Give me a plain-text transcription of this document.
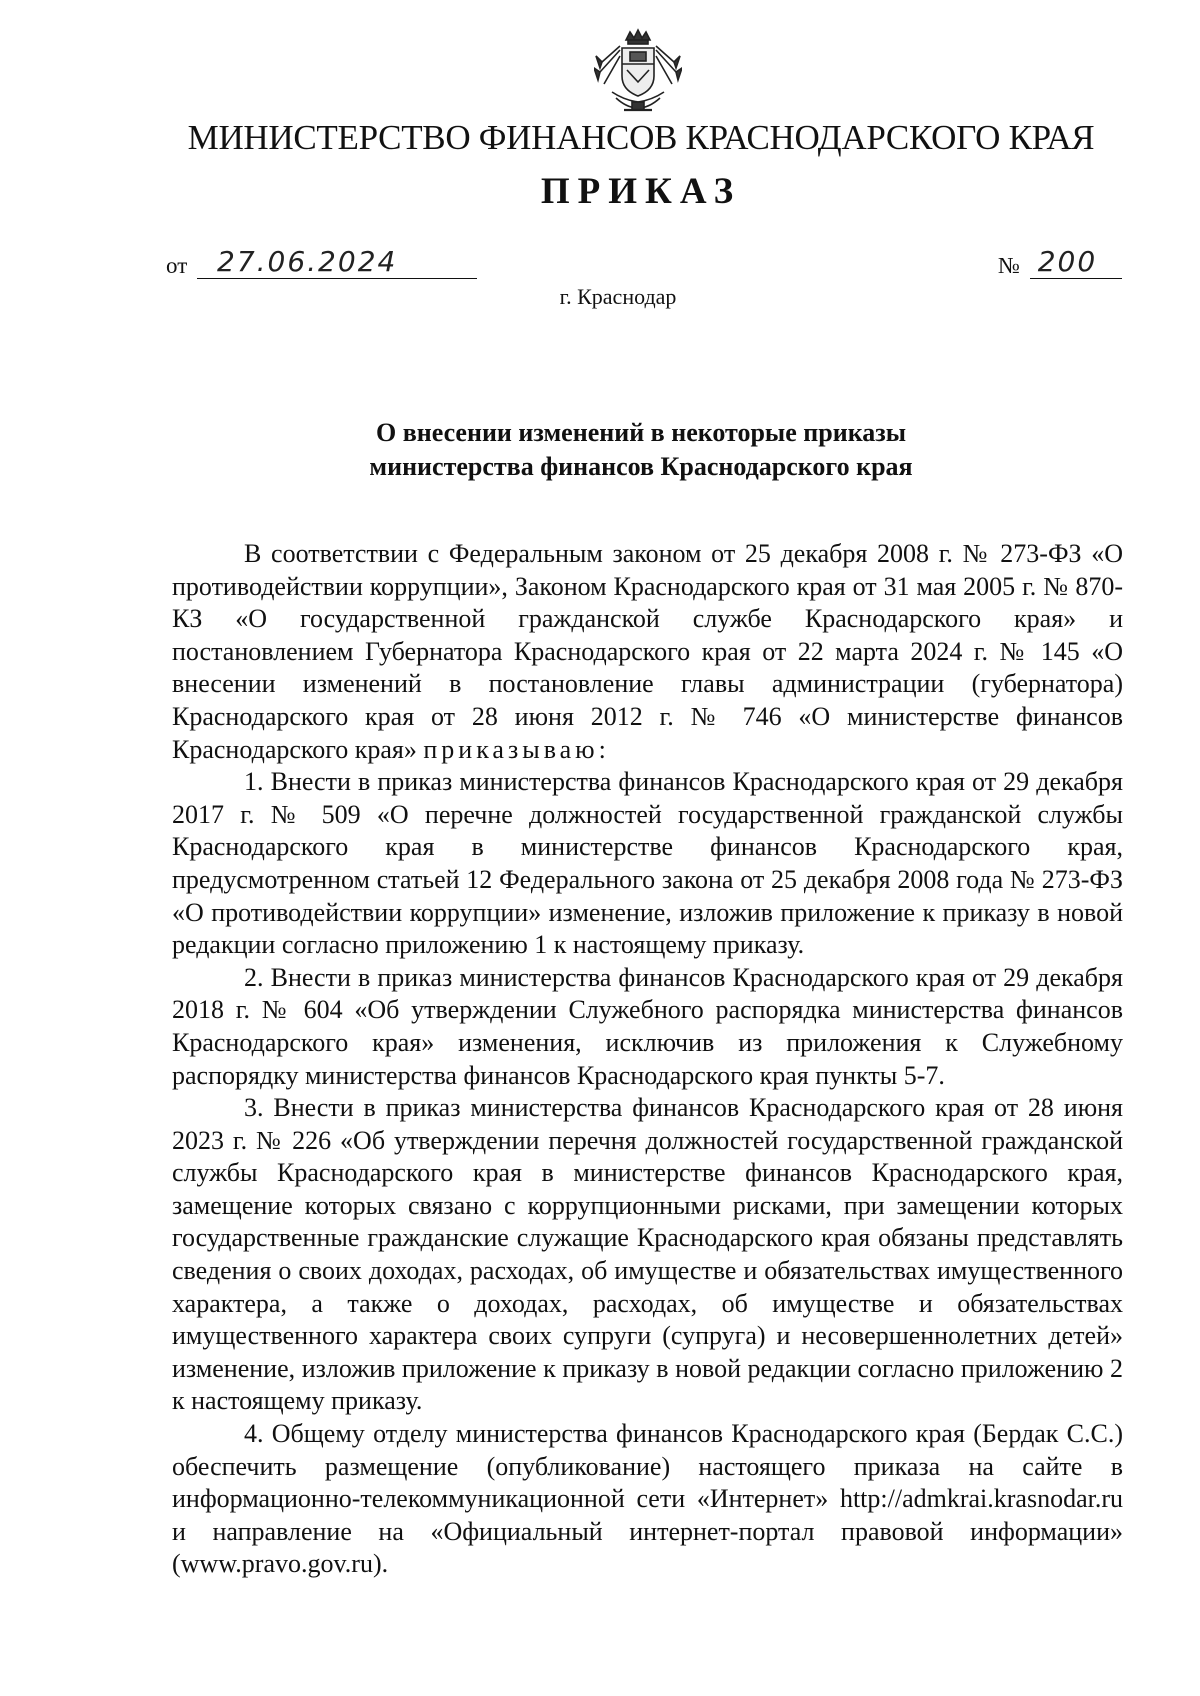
МИНИСТЕРСТВО ФИНАНСОВ КРАСНОДАРСКОГО КРАЯ
ПРИКАЗ
от 27.06.2024	№ 200
г. Краснодар
О внесении изменений в некоторые приказы
министерства финансов Краснодарского края

В соответствии с Федеральным законом от 25 декабря 2008 г. № 273-ФЗ «О противодействии коррупции», Законом Краснодарского края от 31 мая 2005 г. № 870-КЗ «О государственной гражданской службе Краснодарского края» и постановлением Губернатора Краснодарского края от 22 марта 2024 г. № 145 «О внесении изменений в постановление главы администрации (губернатора) Краснодарского края от 28 июня 2012 г. № 746 «О министерстве финансов Краснодарского края» приказываю:

1. Внести в приказ министерства финансов Краснодарского края от 29 декабря 2017 г. № 509 «О перечне должностей государственной гражданской службы Краснодарского края в министерстве финансов Краснодарского края, предусмотренном статьей 12 Федерального закона от 25 декабря 2008 года № 273-ФЗ «О противодействии коррупции» изменение, изложив приложение к приказу в новой редакции согласно приложению 1 к настоящему приказу.

2. Внести в приказ министерства финансов Краснодарского края от 29 декабря 2018 г. № 604 «Об утверждении Служебного распорядка министерства финансов Краснодарского края» изменения, исключив из приложения к Служебному распорядку министерства финансов Краснодарского края пункты 5-7.

3. Внести в приказ министерства финансов Краснодарского края от 28 июня 2023 г. № 226 «Об утверждении перечня должностей государственной гражданской службы Краснодарского края в министерстве финансов Краснодарского края, замещение которых связано с коррупционными рисками, при замещении которых государственные гражданские служащие Краснодарского края обязаны представлять сведения о своих доходах, расходах, об имуществе и обязательствах имущественного характера, а также о доходах, расходах, об имуществе и обязательствах имущественного характера своих супруги (супруга) и несовершеннолетних детей» изменение, изложив приложение к приказу в новой редакции согласно приложению 2 к настоящему приказу.

4. Общему отделу министерства финансов Краснодарского края (Бердак С.С.) обеспечить размещение (опубликование) настоящего приказа на сайте в информационно-телекоммуникационной сети «Интернет» http://admkrai.krasnodar.ru и направление на «Официальный интернет-портал правовой информации» (www.pravo.gov.ru).
